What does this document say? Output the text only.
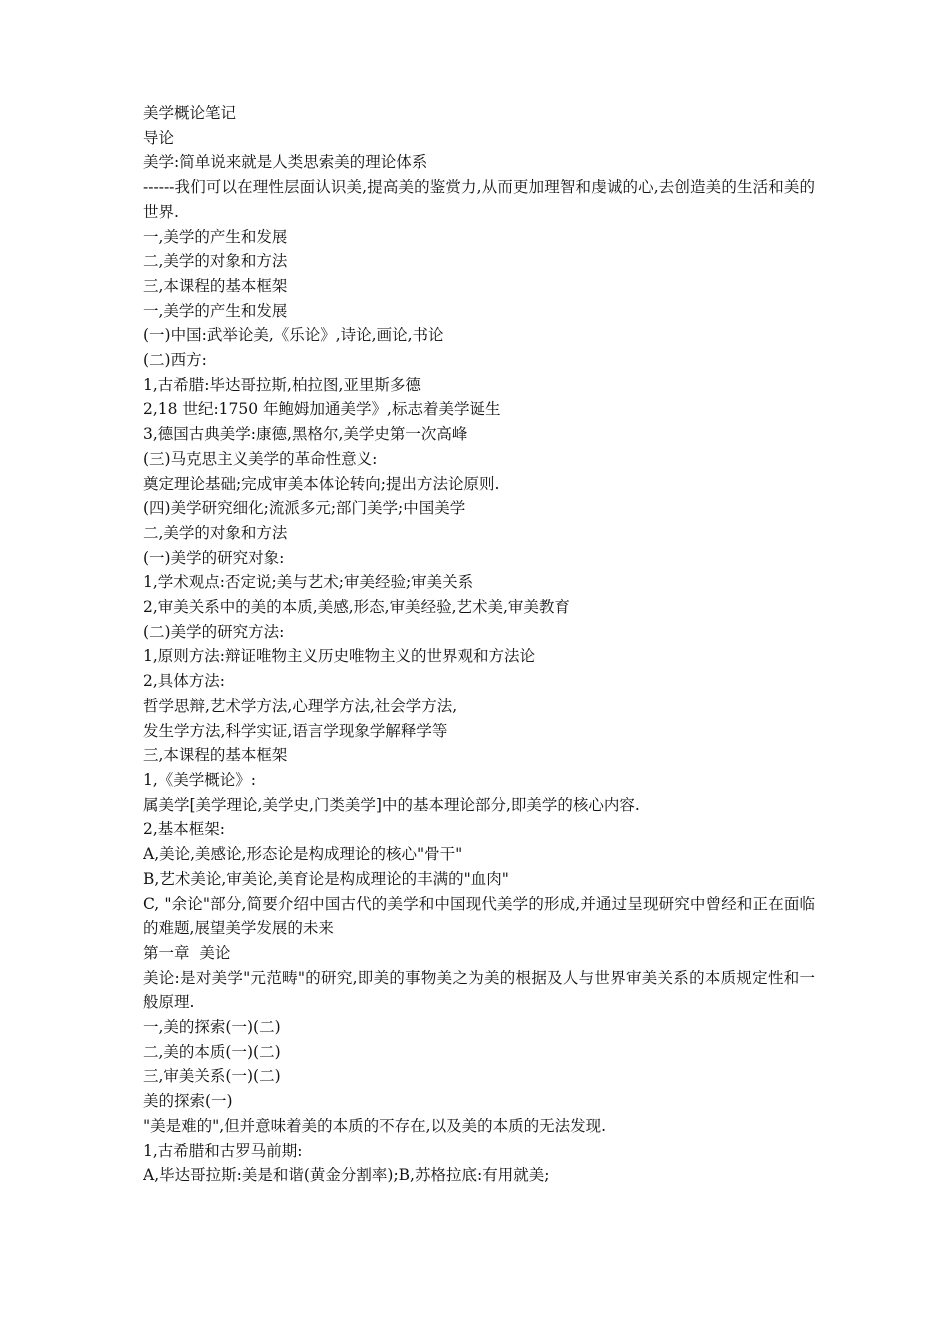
美学概论笔记
导论
美学:简单说来就是人类思索美的理论体系
------我们可以在理性层面认识美,提高美的鉴赏力,从而更加理智和虔诚的心,去创造美的生活和美的世界.
一,美学的产生和发展
二,美学的对象和方法
三,本课程的基本框架
一,美学的产生和发展
(一)中国:武举论美,《乐论》,诗论,画论,书论
(二)西方:
1,古希腊:毕达哥拉斯,柏拉图,亚里斯多德
2,18 世纪:1750 年鲍姆加通美学》,标志着美学诞生
3,德国古典美学:康德,黑格尔,美学史第一次高峰
(三)马克思主义美学的革命性意义:
奠定理论基础;完成审美本体论转向;提出方法论原则.
(四)美学研究细化;流派多元;部门美学;中国美学
二,美学的对象和方法
(一)美学的研究对象:
1,学术观点:否定说;美与艺术;审美经验;审美关系
2,审美关系中的美的本质,美感,形态,审美经验,艺术美,审美教育
(二)美学的研究方法:
1,原则方法:辩证唯物主义历史唯物主义的世界观和方法论
2,具体方法:
哲学思辩,艺术学方法,心理学方法,社会学方法,
发生学方法,科学实证,语言学现象学解释学等
三,本课程的基本框架
1,《美学概论》:
属美学[美学理论,美学史,门类美学]中的基本理论部分,即美学的核心内容.
2,基本框架:
A,美论,美感论,形态论是构成理论的核心"骨干"
B,艺术美论,审美论,美育论是构成理论的丰满的"血肉"
C, "余论"部分,简要介绍中国古代的美学和中国现代美学的形成,并通过呈现研究中曾经和正在面临的难题,展望美学发展的未来
第一章  美论
美论:是对美学"元范畴"的研究,即美的事物美之为美的根据及人与世界审美关系的本质规定性和一般原理.
一,美的探索(一)(二)
二,美的本质(一)(二)
三,审美关系(一)(二)
美的探索(一)
"美是难的",但并意味着美的本质的不存在,以及美的本质的无法发现.
1,古希腊和古罗马前期:
A,毕达哥拉斯:美是和谐(黄金分割率);B,苏格拉底:有用就美;
